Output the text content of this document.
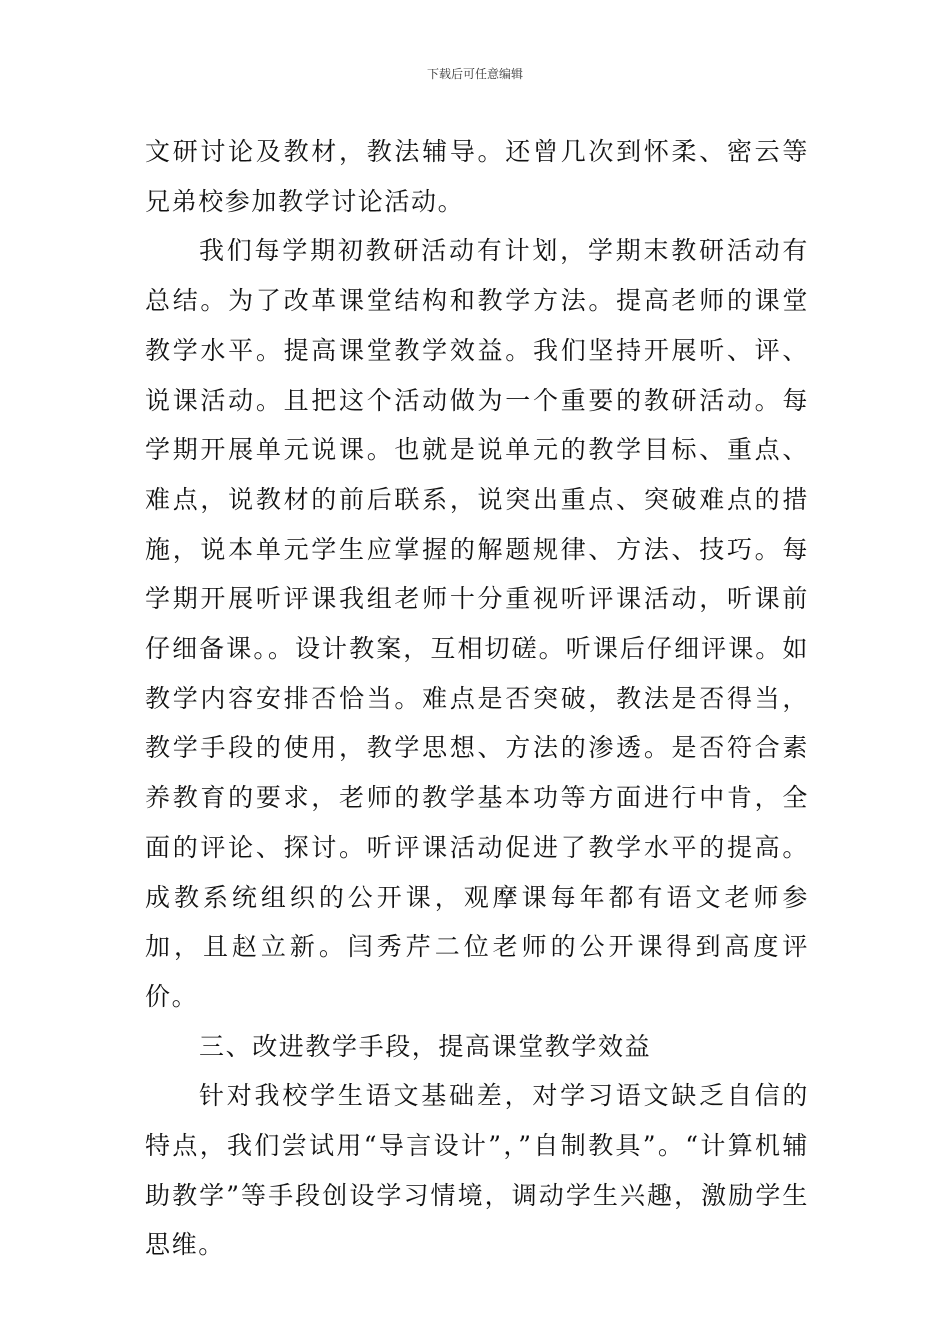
下载后可任意编辑

文研讨论及教材，教法辅导。还曾几次到怀柔、密云等兄弟校参加教学讨论活动。

我们每学期初教研活动有计划，学期末教研活动有总结。为了改革课堂结构和教学方法。提高老师的课堂教学水平。提高课堂教学效益。我们坚持开展听、评、说课活动。且把这个活动做为一个重要的教研活动。每学期开展单元说课。也就是说单元的教学目标、重点、难点，说教材的前后联系，说突出重点、突破难点的措施，说本单元学生应掌握的解题规律、方法、技巧。每学期开展听评课我组老师十分重视听评课活动，听课前仔细备课。。设计教案，互相切磋。听课后仔细评课。如教学内容安排否恰当。难点是否突破，教法是否得当，教学手段的使用，教学思想、方法的渗透。是否符合素养教育的要求，老师的教学基本功等方面进行中肯，全面的评论、探讨。听评课活动促进了教学水平的提高。成教系统组织的公开课，观摩课每年都有语文老师参加，且赵立新。闫秀芹二位老师的公开课得到高度评价。

三、改进教学手段，提高课堂教学效益

针对我校学生语文基础差，对学习语文缺乏自信的特点，我们尝试用“导言设计”，”自制教具”。“计算机辅助教学”等手段创设学习情境，调动学生兴趣，激励学生思维。
